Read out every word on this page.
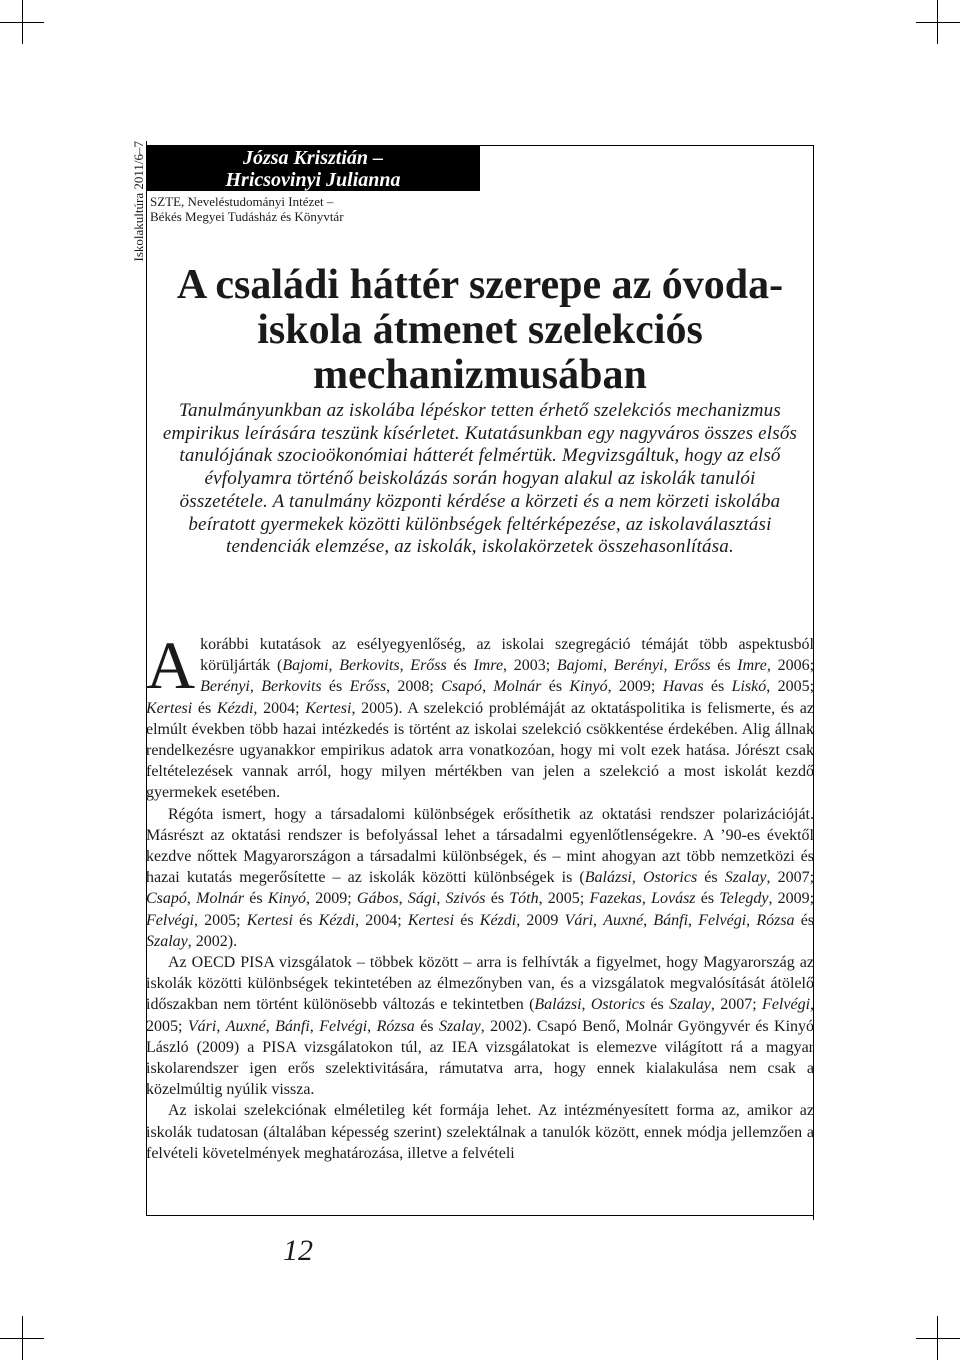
Iskolakultúra 2011/6–7	Józsa Krisztián –
Hricsovinyi Julianna
SZTE, Neveléstudományi Intézet –
Békés Megyei Tudásház és Könyvtár
A családi háttér szerepe az óvoda-
iskola átmenet szelekciós
mechanizmusában

Tanulmányunkban az iskolába lépéskor tetten érhető szelekciós mechanizmus empirikus leírására teszünk kísérletet. Kutatásunkban egy nagyváros összes elsős tanulójának szocioökonómiai hátterét felmértük. Megvizsgáltuk, hogy az első évfolyamra történő beiskolázás során hogyan alakul az iskolák tanulói összetétele. A tanulmány központi kérdése a körzeti és a nem körzeti iskolába beíratott gyermekek közötti különbségek feltérképezése, az iskolaválasztási tendenciák elemzése, az iskolák, iskolakörzetek összehasonlítása.

A korábbi kutatások az esélyegyenlőség, az iskolai szegregáció témáját több aspektusból körüljárták (Bajomi, Berkovits, Erőss és Imre, 2003; Bajomi, Berényi, Erőss és Imre, 2006; Berényi, Berkovits és Erőss, 2008; Csapó, Molnár és Kinyó, 2009; Havas és Liskó, 2005; Kertesi és Kézdi, 2004; Kertesi, 2005). A szelekció problémáját az oktatáspolitika is felismerte, és az elmúlt években több hazai intézkedés is történt az iskolai szelekció csökkentése érdekében. Alig állnak rendelkezésre ugyanakkor empirikus adatok arra vonatkozóan, hogy mi volt ezek hatása. Jórészt csak feltételezések vannak arról, hogy milyen mértékben van jelen a szelekció a most iskolát kezdő gyermekek esetében.

Régóta ismert, hogy a társadalomi különbségek erősíthetik az oktatási rendszer polarizációját. Másrészt az oktatási rendszer is befolyással lehet a társadalmi egyenlőtlenségekre. A ’90-es évektől kezdve nőttek Magyarországon a társadalmi különbségek, és – mint ahogyan azt több nemzetközi és hazai kutatás megerősítette – az iskolák közötti különbségek is (Balázsi, Ostorics és Szalay, 2007; Csapó, Molnár és Kinyó, 2009; Gábos, Sági, Szivós és Tóth, 2005; Fazekas, Lovász és Telegdy, 2009; Felvégi, 2005; Kertesi és Kézdi, 2004; Kertesi és Kézdi, 2009 Vári, Auxné, Bánfi, Felvégi, Rózsa és Szalay, 2002).

Az OECD PISA vizsgálatok – többek között – arra is felhívták a figyelmet, hogy Magyarország az iskolák közötti különbségek tekintetében az élmezőnyben van, és a vizsgálatok megvalósítását átölelő időszakban nem történt különösebb változás e tekintetben (Balázsi, Ostorics és Szalay, 2007; Felvégi, 2005; Vári, Auxné, Bánfi, Felvégi, Rózsa és Szalay, 2002). Csapó Benő, Molnár Gyöngyvér és Kinyó László (2009) a PISA vizsgálatokon túl, az IEA vizsgálatokat is elemezve világított rá a magyar iskolarendszer igen erős szelektivitására, rámutatva arra, hogy ennek kialakulása nem csak a közelmúltig nyúlik vissza.

Az iskolai szelekciónak elméletileg két formája lehet. Az intézményesített forma az, amikor az iskolák tudatosan (általában képesség szerint) szelektálnak a tanulók között, ennek módja jellemzően a felvételi követelmények meghatározása, illetve a felvételi

12
